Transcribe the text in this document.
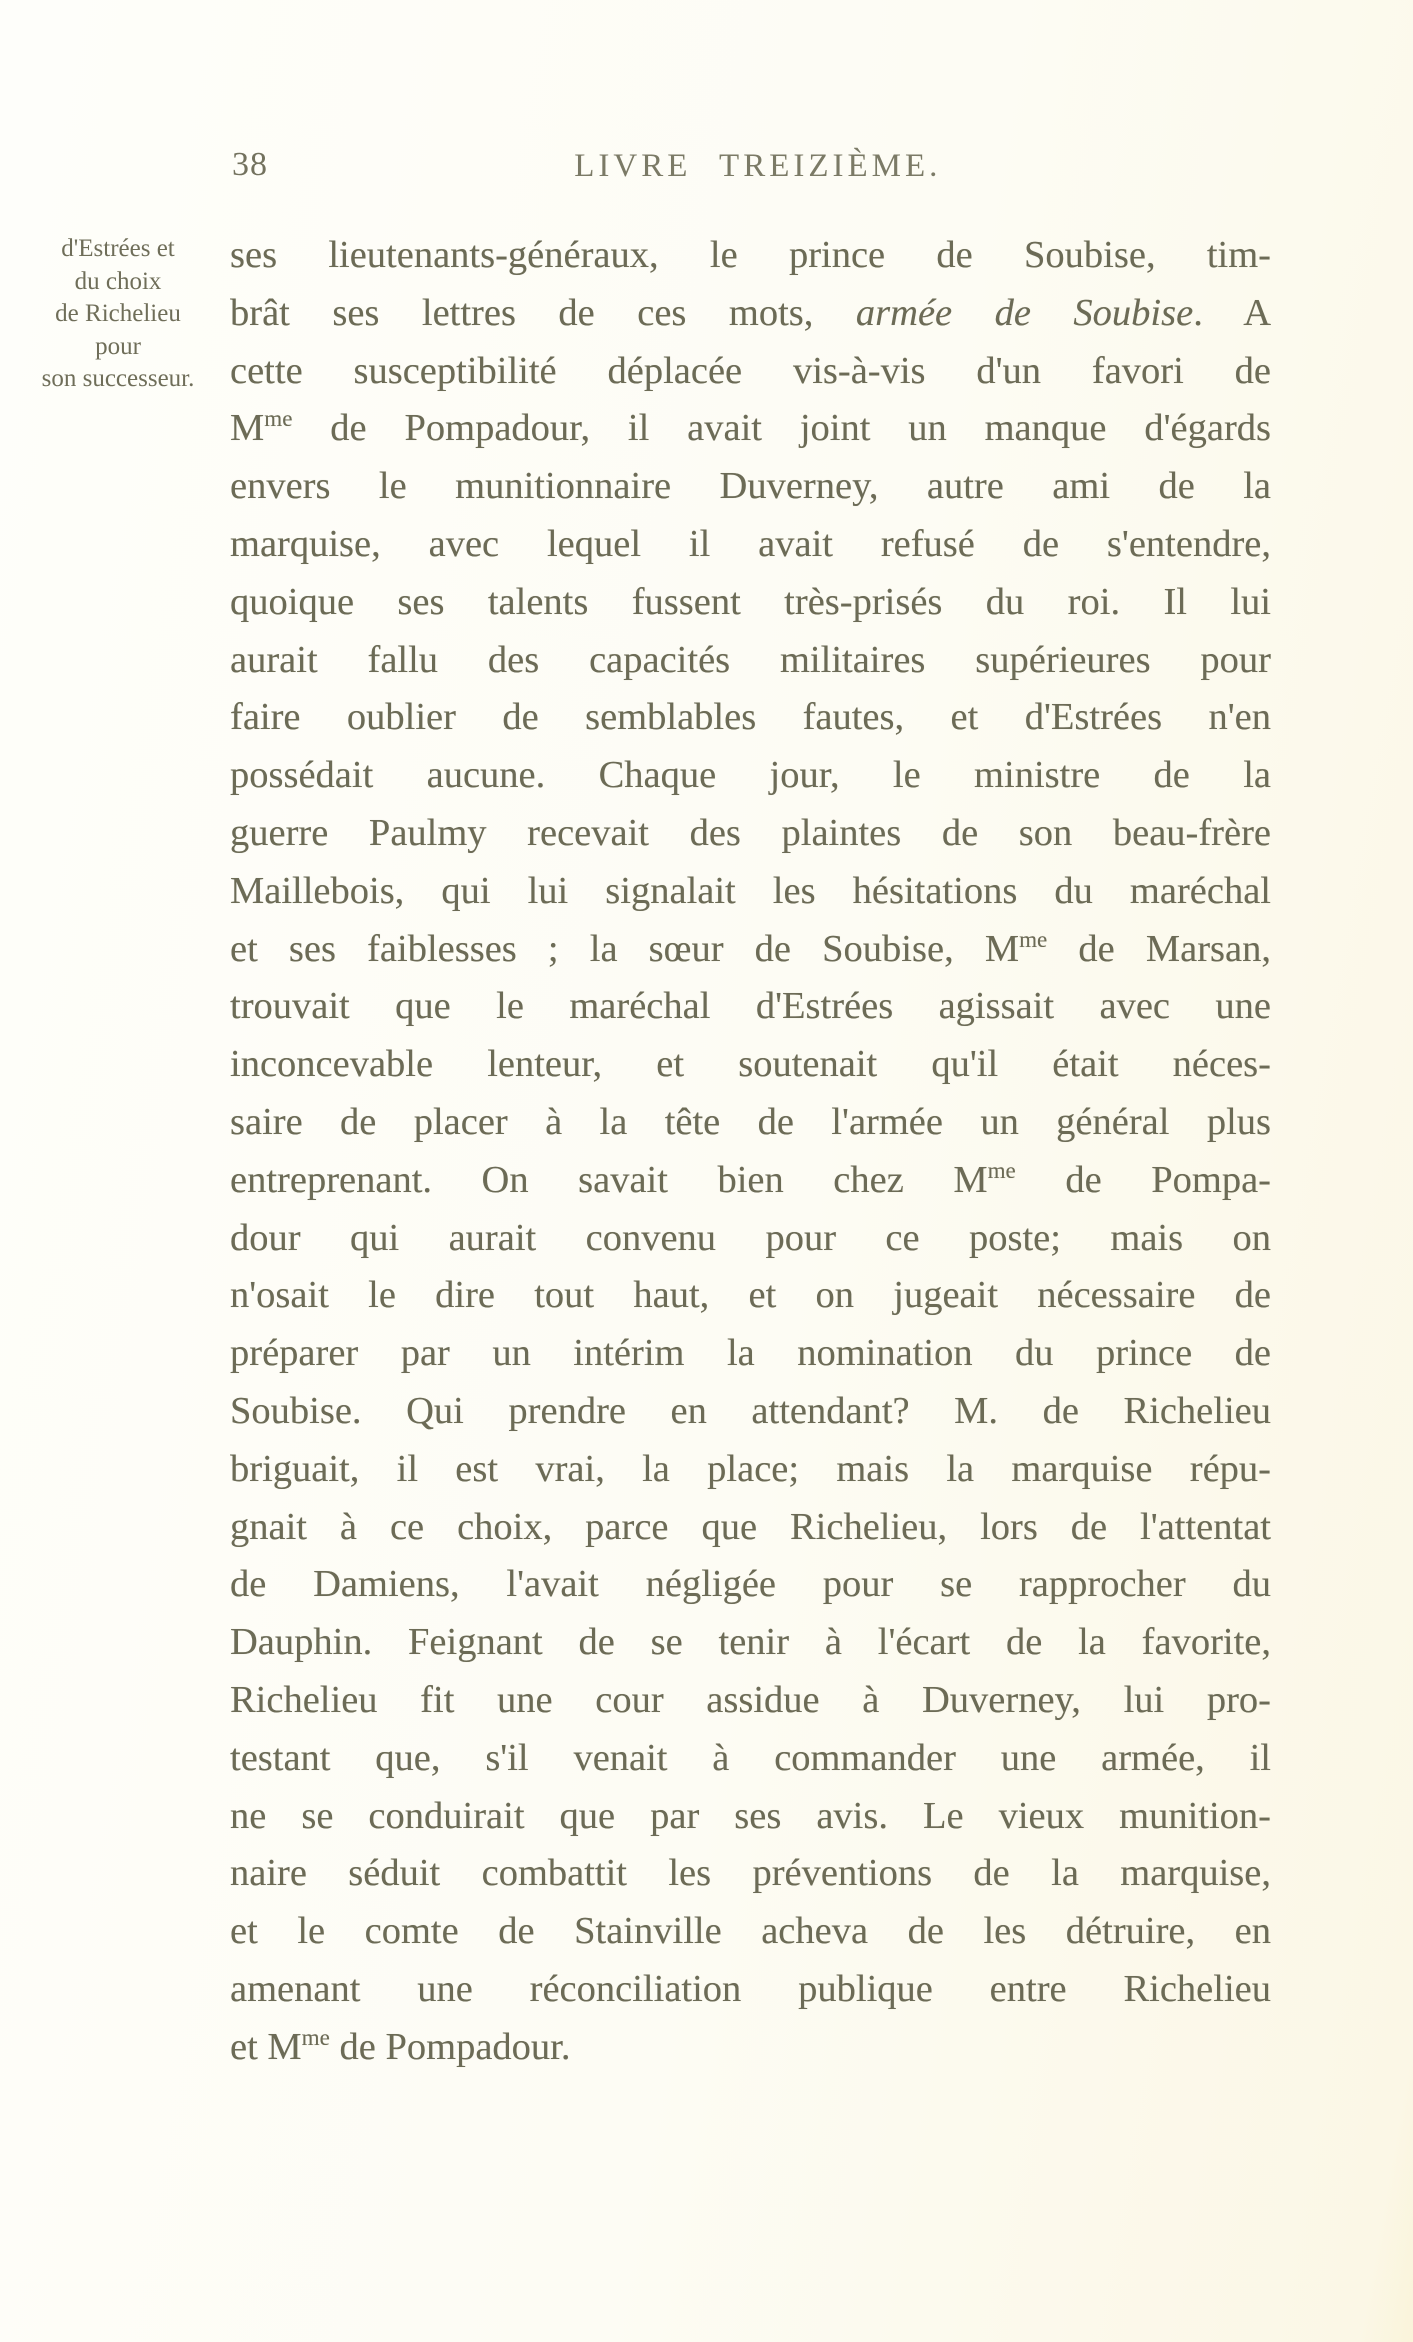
38	LIVRE TREIZIÈME.
d'Estrées et
du choix
de Richelieu
pour
son successeur.
ses lieutenants-généraux, le prince de Soubise, tim-
brât ses lettres de ces mots, armée de Soubise. A
cette susceptibilité déplacée vis-à-vis d'un favori de
$M^{me}$ de Pompadour, il avait joint un manque d'égards
envers le munitionnaire Duverney, autre ami de la
marquise, avec lequel il avait refusé de s'entendre,
quoique ses talents fussent très-prisés du roi. Il lui
aurait fallu des capacités militaires supérieures pour
faire oublier de semblables fautes, et d'Estrées n'en
possédait aucune. Chaque jour, le ministre de la
guerre Paulmy recevait des plaintes de son beau-frère
Maillebois, qui lui signalait les hésitations du maréchal
et ses faiblesses ; la sœur de Soubise, $M^{me}$ de Marsan,
trouvait que le maréchal d'Estrées agissait avec une
inconcevable lenteur, et soutenait qu'il était néces-
saire de placer à la tête de l'armée un général plus
entreprenant. On savait bien chez $M^{me}$ de Pompa-
dour qui aurait convenu pour ce poste; mais on
n'osait le dire tout haut, et on jugeait nécessaire de
préparer par un intérim la nomination du prince de
Soubise. Qui prendre en attendant? M. de Richelieu
briguait, il est vrai, la place; mais la marquise répu-
gnait à ce choix, parce que Richelieu, lors de l'attentat
de Damiens, l'avait négligée pour se rapprocher du
Dauphin. Feignant de se tenir à l'écart de la favorite,
Richelieu fit une cour assidue à Duverney, lui pro-
testant que, s'il venait à commander une armée, il
ne se conduirait que par ses avis. Le vieux munition-
naire séduit combattit les préventions de la marquise,
et le comte de Stainville acheva de les détruire, en
amenant une réconciliation publique entre Richelieu
et $M^{me}$ de Pompadour.
